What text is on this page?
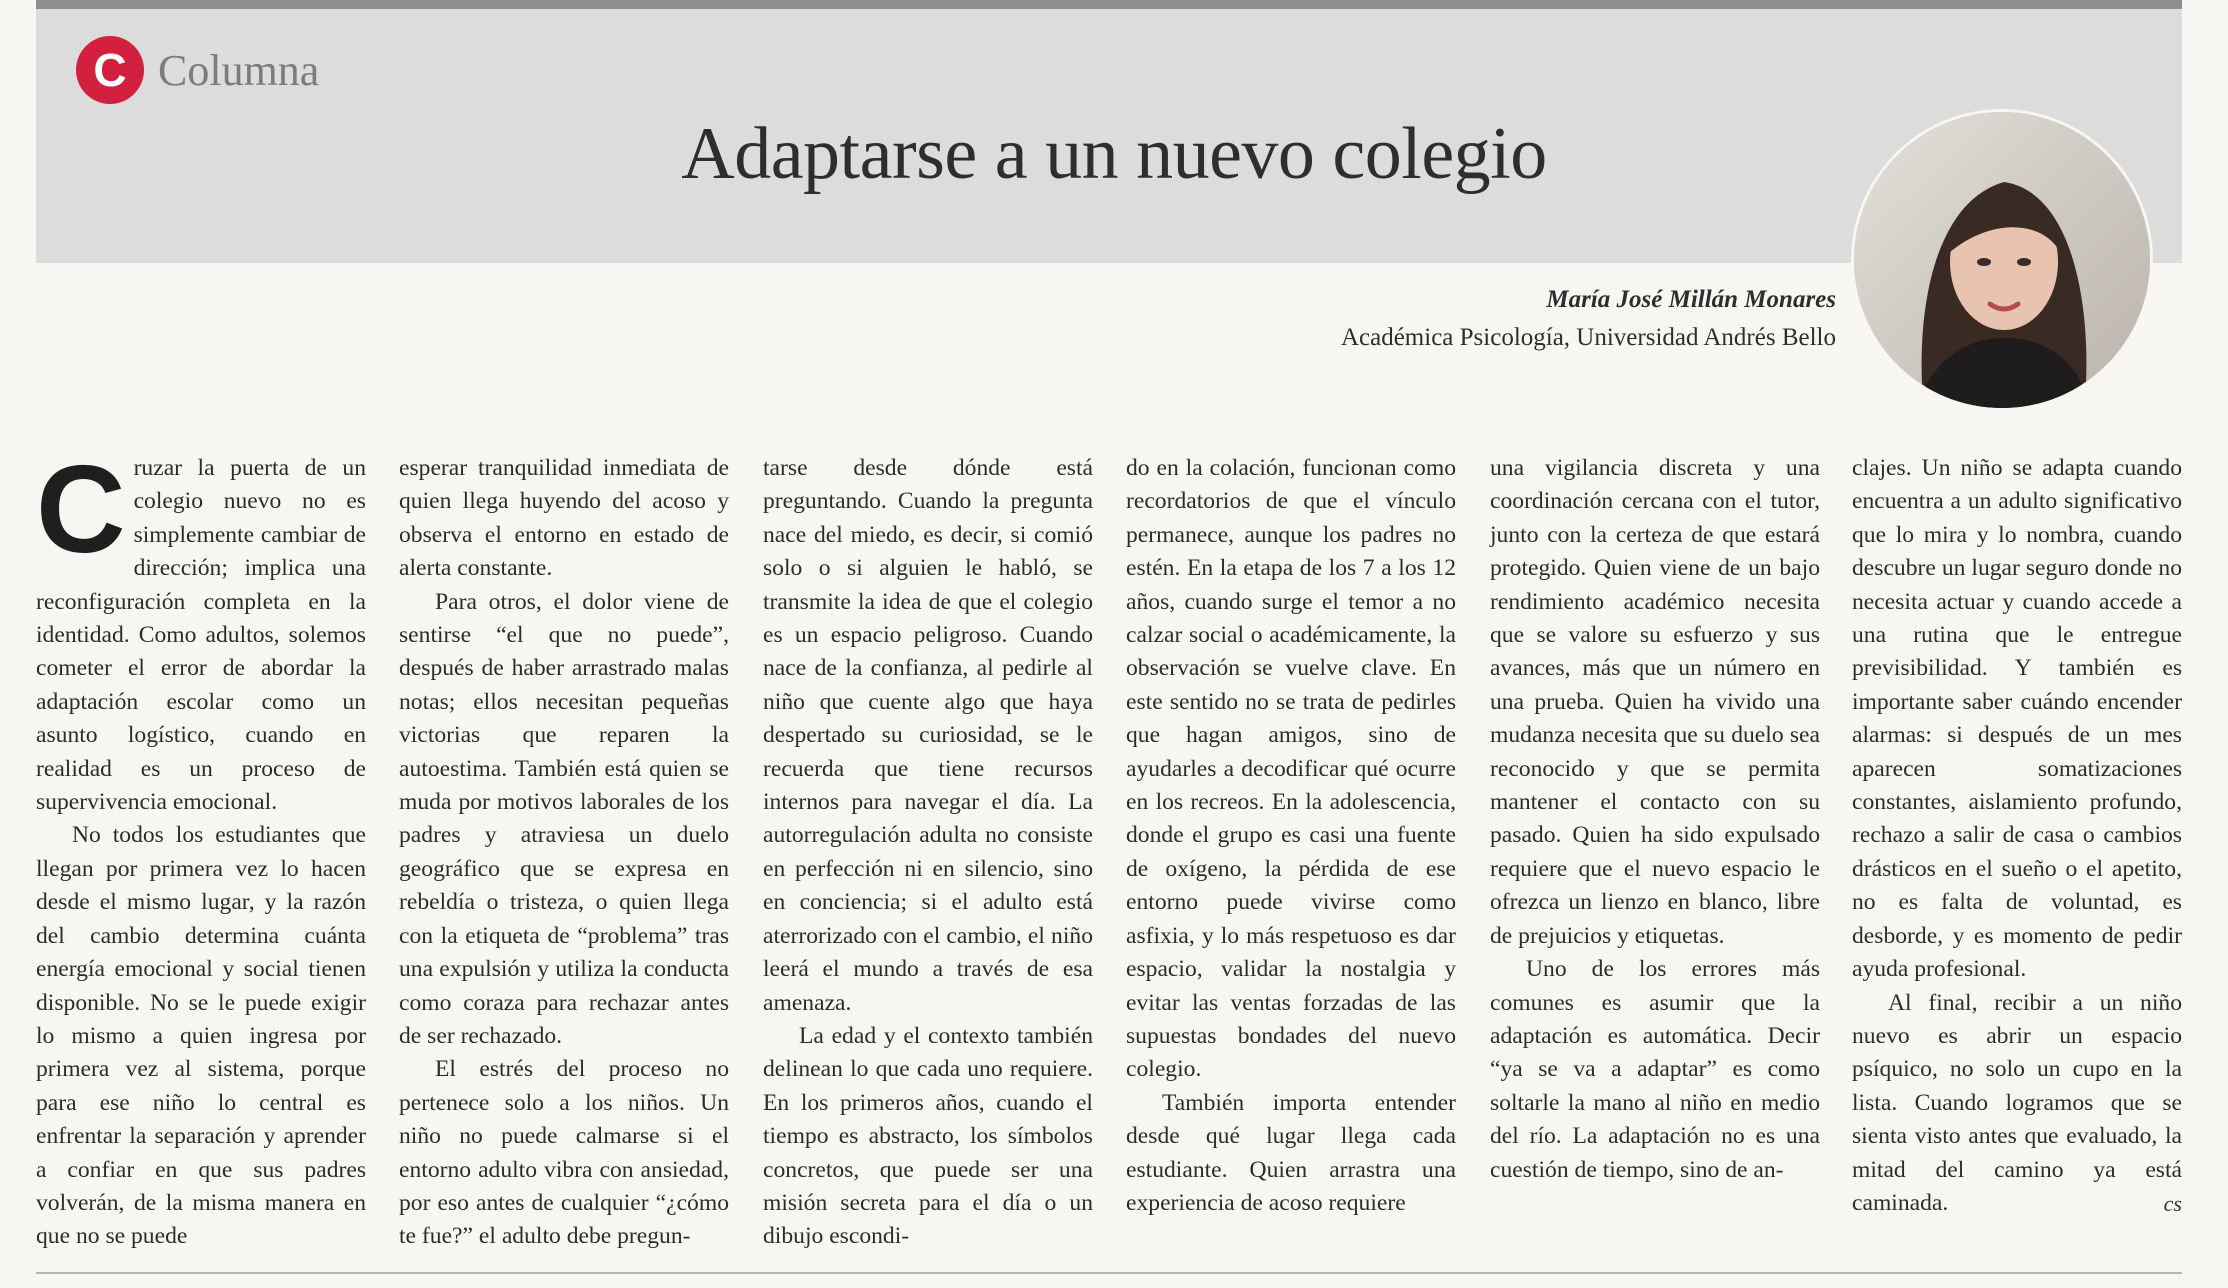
C Columna
Adaptarse a un nuevo colegio
María José Millán Monares
Académica Psicología, Universidad Andrés Bello

Cruzar la puerta de un colegio nuevo no es simplemente cambiar de dirección; implica una reconfiguración completa en la identidad. Como adultos, solemos cometer el error de abordar la adaptación escolar como un asunto logístico, cuando en realidad es un proceso de supervivencia emocional.

No todos los estudiantes que llegan por primera vez lo hacen desde el mismo lugar, y la razón del cambio determina cuánta energía emocional y social tienen disponible. No se le puede exigir lo mismo a quien ingresa por primera vez al sistema, porque para ese niño lo central es enfrentar la separación y aprender a confiar en que sus padres volverán, de la misma manera en que no se puede

esperar tranquilidad inmediata de quien llega huyendo del acoso y observa el entorno en estado de alerta constante.

Para otros, el dolor viene de sentirse “el que no puede”, después de haber arrastrado malas notas; ellos necesitan pequeñas victorias que reparen la autoestima. También está quien se muda por motivos laborales de los padres y atraviesa un duelo geográfico que se expresa en rebeldía o tristeza, o quien llega con la etiqueta de “problema” tras una expulsión y utiliza la conducta como coraza para rechazar antes de ser rechazado.

El estrés del proceso no pertenece solo a los niños. Un niño no puede calmarse si el entorno adulto vibra con ansiedad, por eso antes de cualquier “¿cómo te fue?” el adulto debe pregun-

tarse desde dónde está preguntando. Cuando la pregunta nace del miedo, es decir, si comió solo o si alguien le habló, se transmite la idea de que el colegio es un espacio peligroso. Cuando nace de la confianza, al pedirle al niño que cuente algo que haya despertado su curiosidad, se le recuerda que tiene recursos internos para navegar el día. La autorregulación adulta no consiste en perfección ni en silencio, sino en conciencia; si el adulto está aterrorizado con el cambio, el niño leerá el mundo a través de esa amenaza.

La edad y el contexto también delinean lo que cada uno requiere. En los primeros años, cuando el tiempo es abstracto, los símbolos concretos, que puede ser una misión secreta para el día o un dibujo escondi-

do en la colación, funcionan como recordatorios de que el vínculo permanece, aunque los padres no estén. En la etapa de los 7 a los 12 años, cuando surge el temor a no calzar social o académicamente, la observación se vuelve clave. En este sentido no se trata de pedirles que hagan amigos, sino de ayudarles a decodificar qué ocurre en los recreos. En la adolescencia, donde el grupo es casi una fuente de oxígeno, la pérdida de ese entorno puede vivirse como asfixia, y lo más respetuoso es dar espacio, validar la nostalgia y evitar las ventas forzadas de las supuestas bondades del nuevo colegio.

También importa entender desde qué lugar llega cada estudiante. Quien arrastra una experiencia de acoso requiere

una vigilancia discreta y una coordinación cercana con el tutor, junto con la certeza de que estará protegido. Quien viene de un bajo rendimiento académico necesita que se valore su esfuerzo y sus avances, más que un número en una prueba. Quien ha vivido una mudanza necesita que su duelo sea reconocido y que se permita mantener el contacto con su pasado. Quien ha sido expulsado requiere que el nuevo espacio le ofrezca un lienzo en blanco, libre de prejuicios y etiquetas.

Uno de los errores más comunes es asumir que la adaptación es automática. Decir “ya se va a adaptar” es como soltarle la mano al niño en medio del río. La adaptación no es una cuestión de tiempo, sino de an-

clajes. Un niño se adapta cuando encuentra a un adulto significativo que lo mira y lo nombra, cuando descubre un lugar seguro donde no necesita actuar y cuando accede a una rutina que le entregue previsibilidad. Y también es importante saber cuándo encender alarmas: si después de un mes aparecen somatizaciones constantes, aislamiento profundo, rechazo a salir de casa o cambios drásticos en el sueño o el apetito, no es falta de voluntad, es desborde, y es momento de pedir ayuda profesional.

Al final, recibir a un niño nuevo es abrir un espacio psíquico, no solo un cupo en la lista. Cuando logramos que se sienta visto antes que evaluado, la mitad del camino ya está caminada.	cs
